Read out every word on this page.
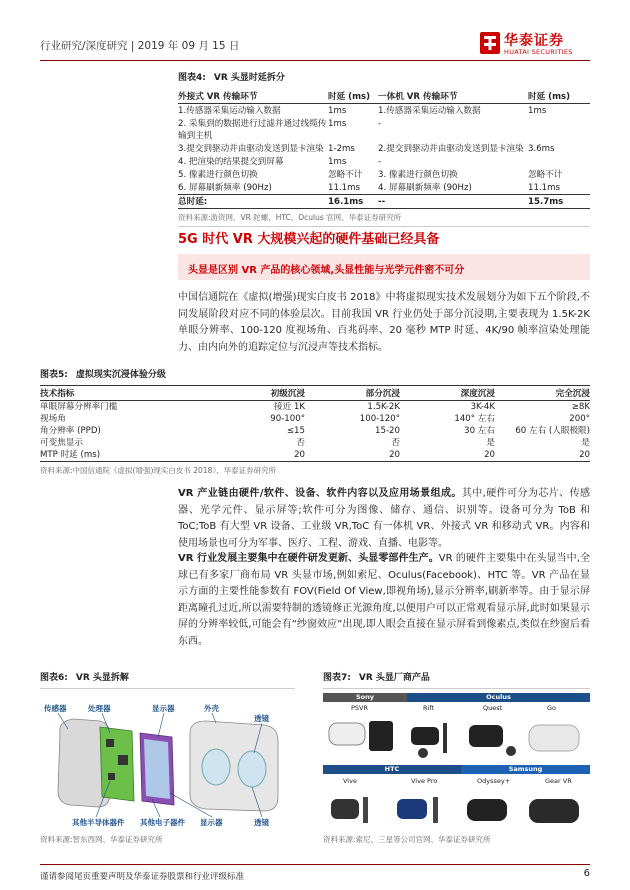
行业研究/深度研究 | 2019 年 09 月 15 日	华泰证券
HUATAI SECURITIES
图表4: VR 头显时延拆分
外接式 VR 传输环节	时延 (ms)	一体机 VR 传输环节	时延 (ms)
1.传感器采集运动输入数据	1ms	1.传感器采集运动输入数据	1ms
2. 采集到的数据进行过滤并通过线缆传输到主机	1ms	-	
3.提交到驱动并由驱动发送到显卡渲染	1-2ms	2.提交到驱动并由驱动发送到显卡渲染	3.6ms
4. 把渲染的结果提交到屏幕	1ms	-	
5. 像素进行颜色切换	忽略不计	3. 像素进行颜色切换	忽略不计
6. 屏幕刷新频率 (90Hz)	11.1ms	4. 屏幕刷新频率 (90Hz)	11.1ms
总时延:	16.1ms	--	15.7ms
资料来源:游资网、VR 陀螺、HTC、Oculus 官网、华泰证券研究所
5G 时代 VR 大规模兴起的硬件基础已经具备
头显是区别 VR 产品的核心领域,头显性能与光学元件密不可分
中国信通院在《虚拟(增强)现实白皮书 2018》中将虚拟现实技术发展划分为如下五个阶段,不同发展阶段对应不同的体验层次。目前我国 VR 行业仍处于部分沉浸期,主要表现为 1.5K-2K 单眼分辨率、100-120 度视场角、百兆码率、20 毫秒 MTP 时延、4K/90 帧率渲染处理能力、由内向外的追踪定位与沉浸声等技术指标。
图表5: 虚拟现实沉浸体验分级
技术指标	初级沉浸	部分沉浸	深度沉浸	完全沉浸
单眼屏幕分辨率门槛	接近 1K	1.5K-2K	3K-4K	≥8K
视场角	90-100°	100-120°	140° 左右	200°
角分辨率 (PPD)	≤15	15-20	30 左右	60 左右 (人眼极限)
可变焦显示	否	否	是	是
MTP 时延 (ms)	20	20	20	20
资料来源:中国信通院《虚拟(增强)现实白皮书 2018》、华泰证券研究所
VR 产业链由硬件/软件、设备、软件内容以及应用场景组成。其中,硬件可分为芯片、传感器、光学元件、显示屏等;软件可分为图像、储存、通信、识别等。设备可分为 ToB 和 ToC;ToB 有大型 VR 设备、工业级 VR,ToC 有一体机 VR、外接式 VR 和移动式 VR。内容和使用场景也可分为军事、医疗、工程、游戏、直播、电影等。
VR 行业发展主要集中在硬件研发更新、头显零部件生产。VR 的硬件主要集中在头显当中,全球已有多家厂商布局 VR 头显市场,例如索尼、Oculus(Facebook)、HTC 等。VR 产品在显示方面的主要性能参数有 FOV(Field Of View,即视角场),显示分辨率,刷新率等。由于显示屏距离瞳孔过近,所以需要特制的透镜修正光源角度,以便用户可以正常观看显示屏,此时如果显示屏的分辨率较低,可能会有“纱窗效应”出现,即人眼会直接在显示屏看到像素点,类似在纱窗后看东西。
图表6: VR 头显拆解
传感器	处理器	显示器	外壳
透镜
其他半导体器件 其他电子器件 显示器	透镜
图表7: VR 头显厂商产品
Sony	Oculus
PSVR	Rift	Quest	Go
HTC	Samsung
Vive	Vive Pro	Odyssey+	Gear VR
资料来源:智东西网、华泰证券研究所	资料来源:索尼、三星等公司官网、华泰证券研究所
谨请参阅尾页重要声明及华泰证券股票和行业评级标准	6
